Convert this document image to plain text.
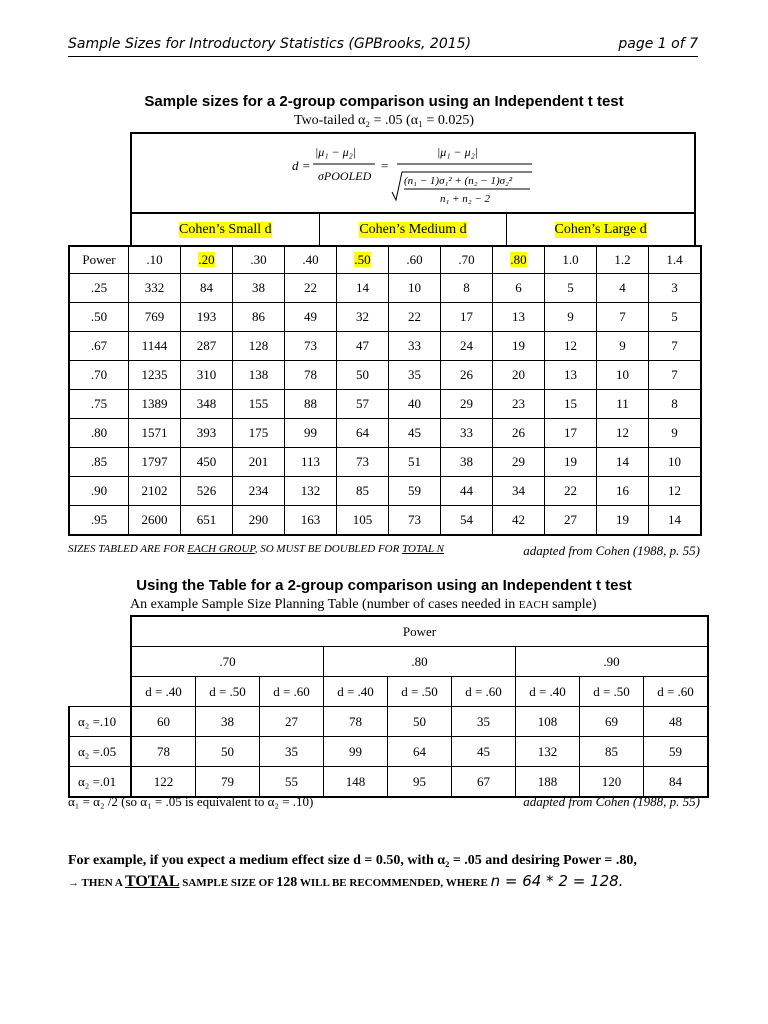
Sample Sizes for Introductory Statistics (GPBrooks, 2015)	page 1 of 7
Sample sizes for a 2-group comparison using an Independent t test
Two-tailed α₂ = .05 (α₁ = 0.025)
d =
|μ₁ − μ₂|
σPOOLED
=
|μ₁ − μ₂|
(n₁ − 1)σ₁² + (n₂ − 1)σ₂²
n₁ + n₂ − 2
Cohen’s Small d	Cohen’s Medium d	Cohen’s Large d
Power	.10	.20	.30	.40	.50	.60	.70	.80	1.0	1.2	1.4
.25	332	84	38	22	14	10	8	6	5	4	3
.50	769	193	86	49	32	22	17	13	9	7	5
.67	1144	287	128	73	47	33	24	19	12	9	7
.70	1235	310	138	78	50	35	26	20	13	10	7
.75	1389	348	155	88	57	40	29	23	15	11	8
.80	1571	393	175	99	64	45	33	26	17	12	9
.85	1797	450	201	113	73	51	38	29	19	14	10
.90	2102	526	234	132	85	59	44	34	22	16	12
.95	2600	651	290	163	105	73	54	42	27	19	14
SIZES TABLED ARE FOR EACH GROUP, SO MUST BE DOUBLED FOR TOTAL N	adapted from Cohen (1988, p. 55)
Using the Table for a 2-group comparison using an Independent t test
An example Sample Size Planning Table (number of cases needed in EACH sample)
	Power								
	.70			.80			.90		
	d = .40	d = .50	d = .60	d = .40	d = .50	d = .60	d = .40	d = .50	d = .60
α₂ =.10	60	38	27	78	50	35	108	69	48
α₂ =.05	78	50	35	99	64	45	132	85	59
α₂ =.01	122	79	55	148	95	67	188	120	84
α₁ = α₂ /2 (so α₁ = .05 is equivalent to α₂ = .10)	adapted from Cohen (1988, p. 55)
For example, if you expect a medium effect size d = 0.50, with α₂ = .05 and desiring Power = .80,
→ THEN A TOTAL SAMPLE SIZE OF 128 WILL BE RECOMMENDED, WHERE n = 64 * 2 = 128.
